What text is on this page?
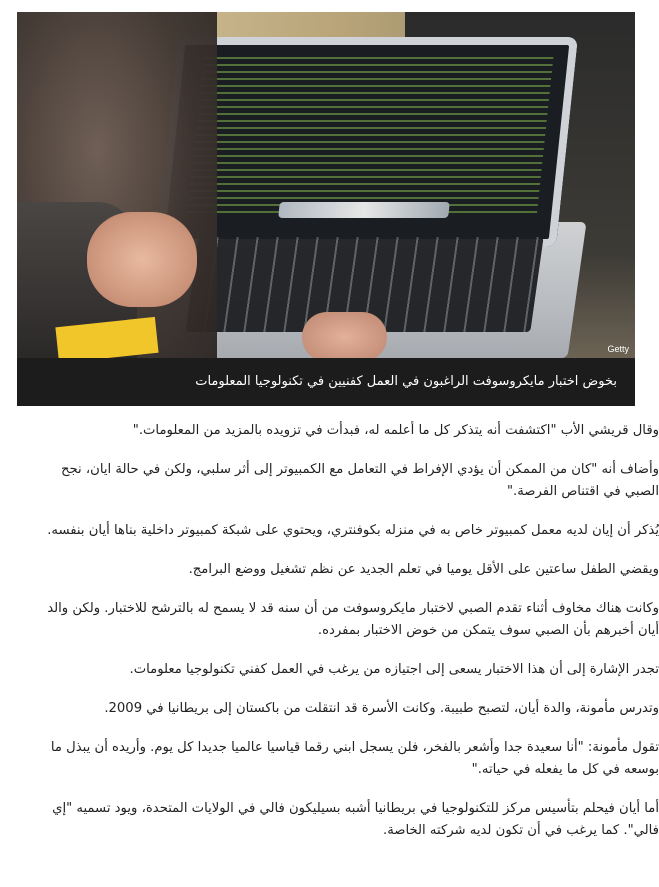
Getty
بخوض اختبار مايكروسوفت الراغبون في العمل كفنيين في تكنولوجيا المعلومات

وقال قريشي الأب "اكتشفت أنه يتذكر كل ما أعلمه له، فبدأت في تزويده بالمزيد من المعلومات."

وأضاف أنه "كان من الممكن أن يؤدي الإفراط في التعامل مع الكمبيوتر إلى أثر سلبي، ولكن في حالة ايان، نجح الصبي في اقتناص الفرصة."

يُذكر أن إيان لديه معمل كمبيوتر خاص به في منزله بكوفنتري، ويحتوي على شبكة كمبيوتر داخلية بناها أيان بنفسه.

ويقضي الطفل ساعتين على الأقل يوميا في تعلم الجديد عن نظم تشغيل ووضع البرامج.

وكانت هناك مخاوف أثناء تقدم الصبي لاختبار مايكروسوفت من أن سنه قد لا يسمح له بالترشح للاختبار. ولكن والد أيان أخبرهم بأن الصبي سوف يتمكن من خوض الاختبار بمفرده.

تجدر الإشارة إلى أن هذا الاختبار يسعى إلى اجتيازه من يرغب في العمل كفني تكنولوجيا معلومات.

وتدرس مأمونة، والدة أيان، لتصبح طبيبة. وكانت الأسرة قد انتقلت من باكستان إلى بريطانيا في 2009.

تقول مأمونة: "أنا سعيدة جدا وأشعر بالفخر، فلن يسجل ابني رقما قياسيا عالميا جديدا كل يوم. وأريده أن يبذل ما بوسعه في كل ما يفعله في حياته."

أما أيان فيحلم بتأسيس مركز للتكنولوجيا في بريطانيا أشبه بسيليكون فالي في الولايات المتحدة، ويود تسميه "إي فالي". كما يرغب في أن تكون لديه شركته الخاصة.
